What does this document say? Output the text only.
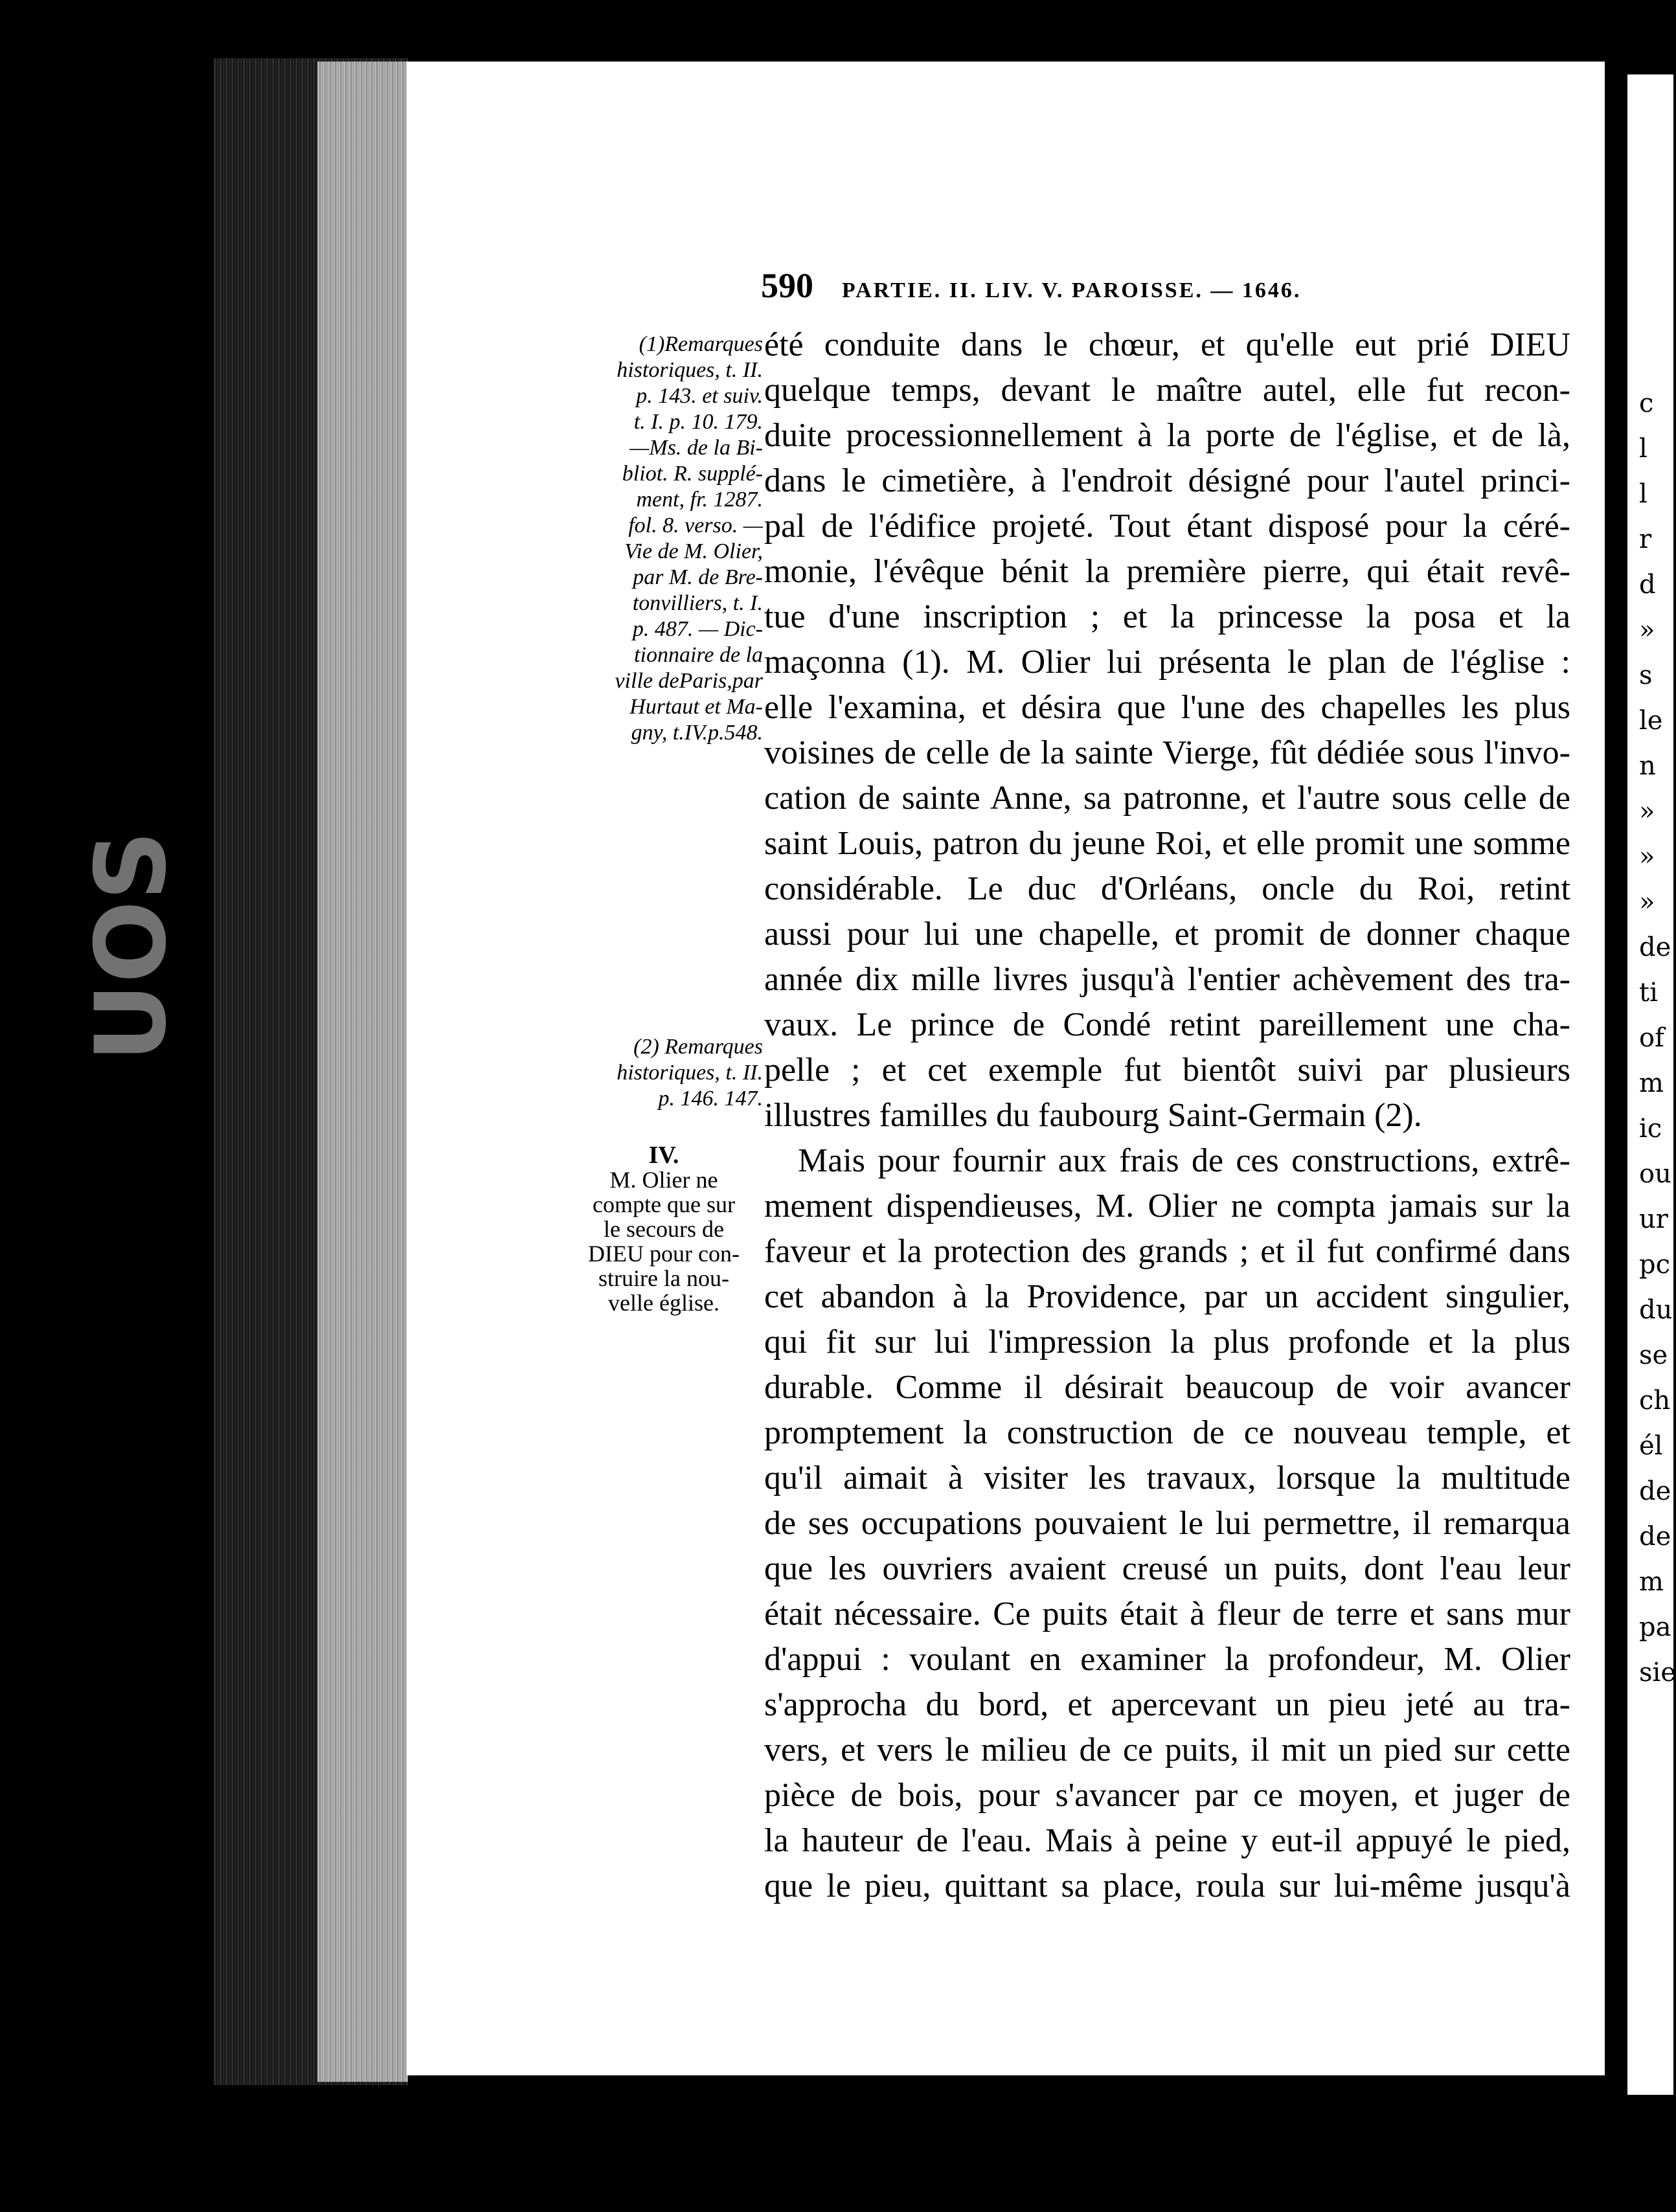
UOS
590 PARTIE. II. LIV. V. PAROISSE. — 1646.
(1)Remarques
historiques, t. II.
p. 143. et suiv.
t. I. p. 10. 179.
—Ms. de la Bi-
bliot. R. supplé-
ment, fr. 1287.
fol. 8. verso. —
Vie de M. Olier,
par M. de Bre-
tonvilliers, t. I.
p. 487. — Dic-
tionnaire de la
ville deParis,par
Hurtaut et Ma-
gny, t.IV.p.548.
(2) Remarques
historiques, t. II.
p. 146. 147.
IV.
M. Olier ne
compte que sur
le secours de
DIEU pour con-
struire la nou-
velle église.
été conduite dans le chœur, et qu'elle eut prié DIEU
quelque temps, devant le maître autel, elle fut recon-
duite processionnellement à la porte de l'église, et de là,
dans le cimetière, à l'endroit désigné pour l'autel princi-
pal de l'édifice projeté. Tout étant disposé pour la céré-
monie, l'évêque bénit la première pierre, qui était revê-
tue d'une inscription ; et la princesse la posa et la
maçonna (1). M. Olier lui présenta le plan de l'église :
elle l'examina, et désira que l'une des chapelles les plus
voisines de celle de la sainte Vierge, fût dédiée sous l'invo-
cation de sainte Anne, sa patronne, et l'autre sous celle de
saint Louis, patron du jeune Roi, et elle promit une somme
considérable. Le duc d'Orléans, oncle du Roi, retint
aussi pour lui une chapelle, et promit de donner chaque
année dix mille livres jusqu'à l'entier achèvement des tra-
vaux. Le prince de Condé retint pareillement une cha-
pelle ; et cet exemple fut bientôt suivi par plusieurs
illustres familles du faubourg Saint-Germain (2).
Mais pour fournir aux frais de ces constructions, extrê-
mement dispendieuses, M. Olier ne compta jamais sur la
faveur et la protection des grands ; et il fut confirmé dans
cet abandon à la Providence, par un accident singulier,
qui fit sur lui l'impression la plus profonde et la plus
durable. Comme il désirait beaucoup de voir avancer
promptement la construction de ce nouveau temple, et
qu'il aimait à visiter les travaux, lorsque la multitude
de ses occupations pouvaient le lui permettre, il remarqua
que les ouvriers avaient creusé un puits, dont l'eau leur
était nécessaire. Ce puits était à fleur de terre et sans mur
d'appui : voulant en examiner la profondeur, M. Olier
s'approcha du bord, et apercevant un pieu jeté au tra-
vers, et vers le milieu de ce puits, il mit un pied sur cette
pièce de bois, pour s'avancer par ce moyen, et juger de
la hauteur de l'eau. Mais à peine y eut-il appuyé le pied,
que le pieu, quittant sa place, roula sur lui-même jusqu'à
c
l
l
r
d
»
s
le
n
»
»
»
de
ti
of
m
ic
ou
ur
pc
du
se
ch
él
de
de
m
pa
sie
